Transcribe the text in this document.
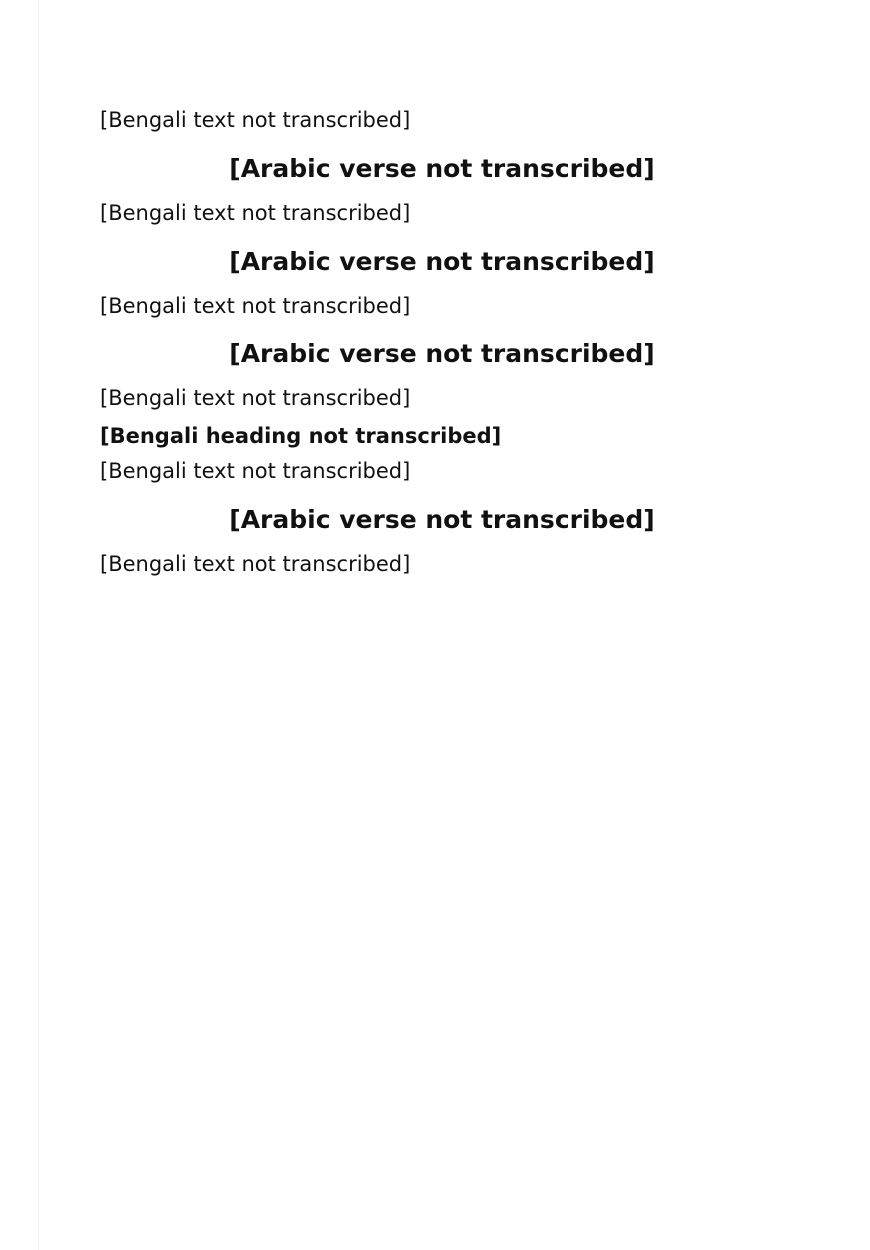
[Bengali text not transcribed]

[Arabic verse not transcribed]

[Bengali text not transcribed]

[Arabic verse not transcribed]

[Bengali text not transcribed]

[Arabic verse not transcribed]

[Bengali text not transcribed]

[Bengali heading not transcribed]

[Bengali text not transcribed]

[Arabic verse not transcribed]

[Bengali text not transcribed]
